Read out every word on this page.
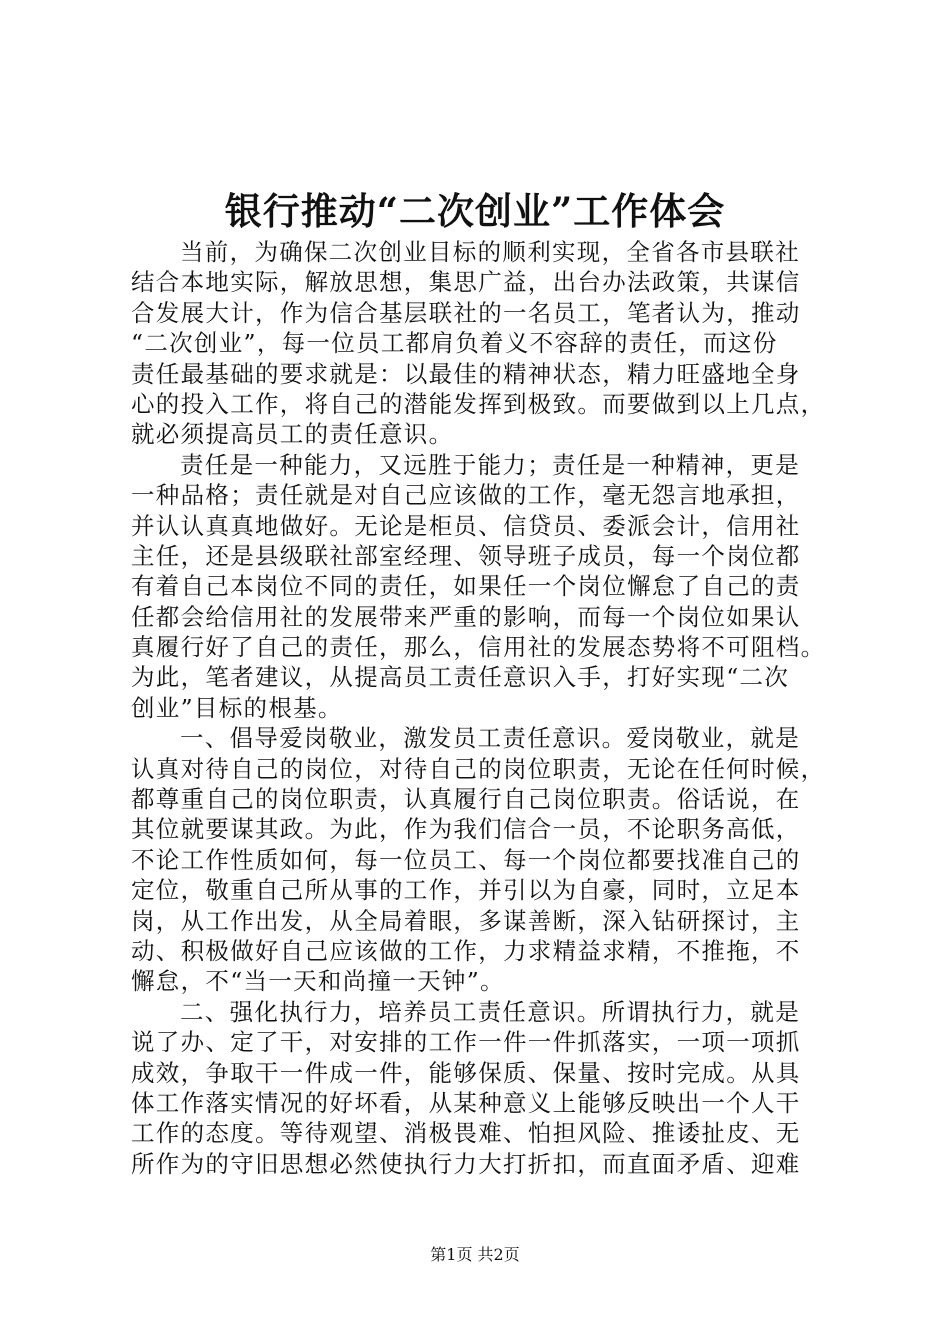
银行推动“二次创业”工作体会
当前，为确保二次创业目标的顺利实现，全省各市县联社
结合本地实际，解放思想，集思广益，出台办法政策，共谋信
合发展大计，作为信合基层联社的一名员工，笔者认为，推动
“二次创业”，每一位员工都肩负着义不容辞的责任，而这份
责任最基础的要求就是：以最佳的精神状态，精力旺盛地全身
心的投入工作，将自己的潜能发挥到极致。而要做到以上几点，
就必须提高员工的责任意识。
责任是一种能力，又远胜于能力；责任是一种精神，更是
一种品格；责任就是对自己应该做的工作，毫无怨言地承担，
并认认真真地做好。无论是柜员、信贷员、委派会计，信用社
主任，还是县级联社部室经理、领导班子成员，每一个岗位都
有着自己本岗位不同的责任，如果任一个岗位懈怠了自己的责
任都会给信用社的发展带来严重的影响，而每一个岗位如果认
真履行好了自己的责任，那么，信用社的发展态势将不可阻档。
为此，笔者建议，从提高员工责任意识入手，打好实现“二次
创业”目标的根基。
一、倡导爱岗敬业，激发员工责任意识。爱岗敬业，就是
认真对待自己的岗位，对待自己的岗位职责，无论在任何时候，
都尊重自己的岗位职责，认真履行自己岗位职责。俗话说，在
其位就要谋其政。为此，作为我们信合一员，不论职务高低，
不论工作性质如何，每一位员工、每一个岗位都要找准自己的
定位，敬重自己所从事的工作，并引以为自豪，同时，立足本
岗，从工作出发，从全局着眼，多谋善断，深入钻研探讨，主
动、积极做好自己应该做的工作，力求精益求精，不推拖，不
懈怠，不“当一天和尚撞一天钟”。
二、强化执行力，培养员工责任意识。所谓执行力，就是
说了办、定了干，对安排的工作一件一件抓落实，一项一项抓
成效，争取干一件成一件，能够保质、保量、按时完成。从具
体工作落实情况的好坏看，从某种意义上能够反映出一个人干
工作的态度。等待观望、消极畏难、怕担风险、推诿扯皮、无
所作为的守旧思想必然使执行力大打折扣，而直面矛盾、迎难
第1页 共2页
